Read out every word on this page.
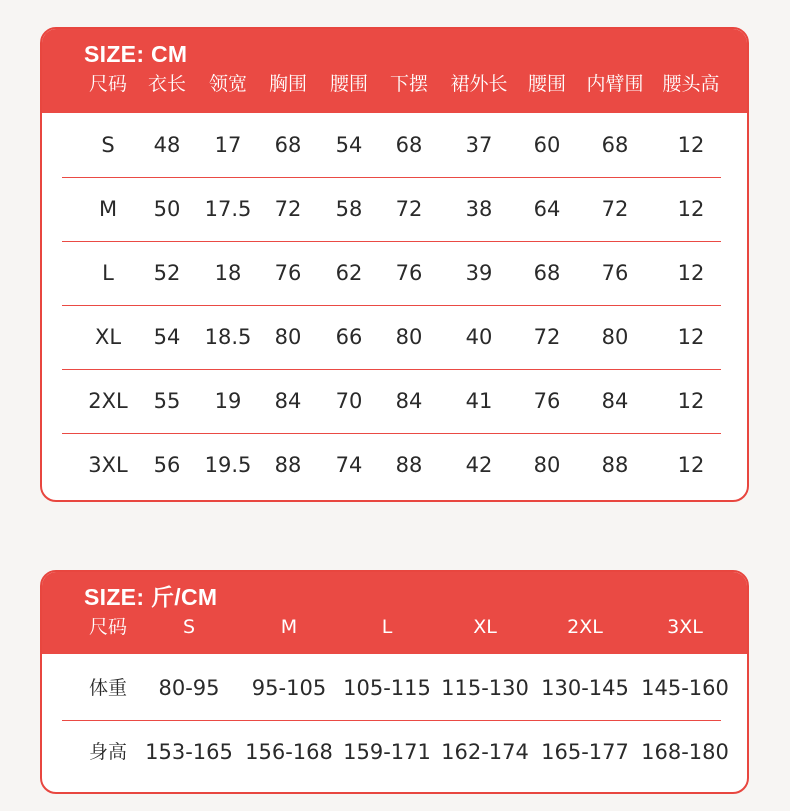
SIZE: CM
尺码 衣长 领宽 胸围 腰围 下摆 裙外长 腰围 内臂围 腰头高
S 48 17 68 54 68 37 60 68 12
M 50 17.5 72 58 72 38 64 72 12
L 52 18 76 62 76 39 68 76 12
XL 54 18.5 80 66 80 40 72 80 12
2XL 55 19 84 70 84 41 76 84 12
3XL 56 19.5 88 74 88 42 80 88 12
SIZE: 斤/CM
尺码	S	M	L	XL	2XL	3XL
体重 80-95 95-105 105-115 115-130 130-145 145-160
身高 153-165 156-168 159-171 162-174 165-177 168-180
